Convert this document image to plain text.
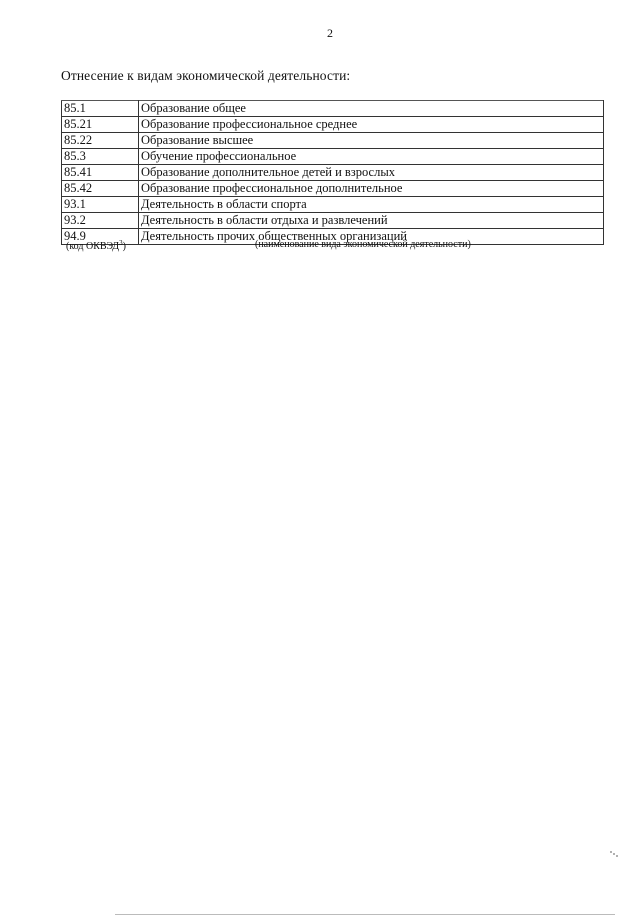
2
Отнесение к видам экономической деятельности:
85.1	Образование общее
85.21	Образование профессиональное среднее
85.22	Образование высшее
85.3	Обучение профессиональное
85.41	Образование дополнительное детей и взрослых
85.42	Образование профессиональное дополнительное
93.1	Деятельность в области спорта
93.2	Деятельность в области отдыха и развлечений
94.9	Деятельность прочих общественных организаций
(код ОКВЭД$^3$)	(наименование вида экономической деятельности)
